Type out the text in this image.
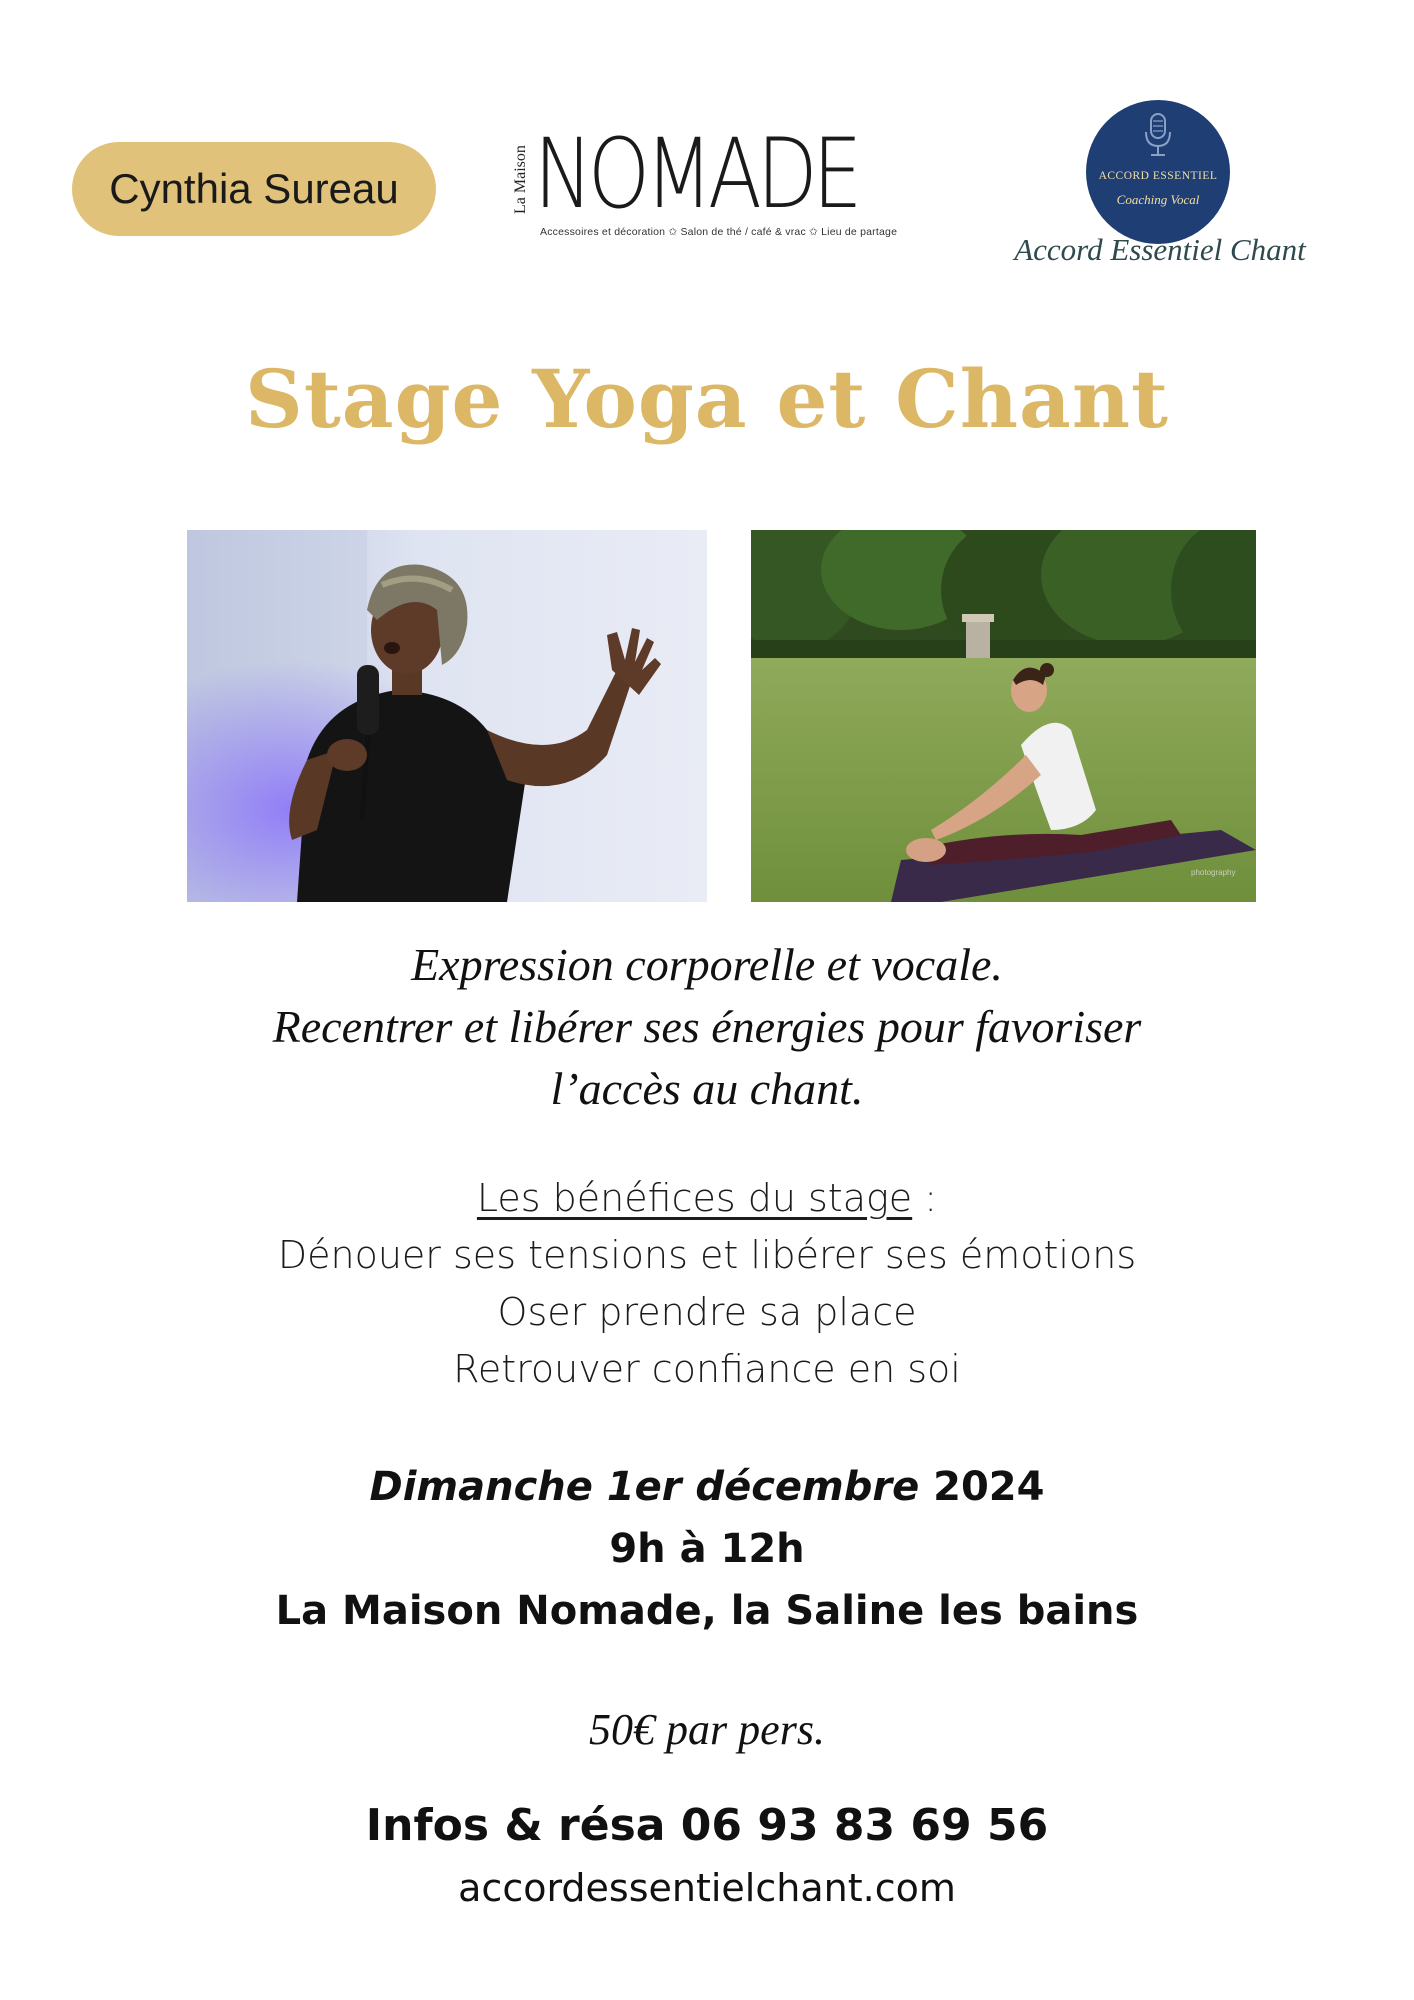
Cynthia Sureau	La Maison NOMADE
Accessoires et décoration ✩ Salon de thé / café & vrac ✩ Lieu de partage
ACCORD ESSENTIEL
Coaching Vocal
Accord Essentiel Chant
Stage Yoga et Chant
photography
Expression corporelle et vocale.
Recentrer et libérer ses énergies pour favoriser
l’accès au chant.
Les bénéfices du stage :
Dénouer ses tensions et libérer ses émotions
Oser prendre sa place
Retrouver confiance en soi
Dimanche 1er décembre 2024
9h à 12h
La Maison Nomade, la Saline les bains
50€ par pers.
Infos & résa 06 93 83 69 56
accordessentielchant.com
